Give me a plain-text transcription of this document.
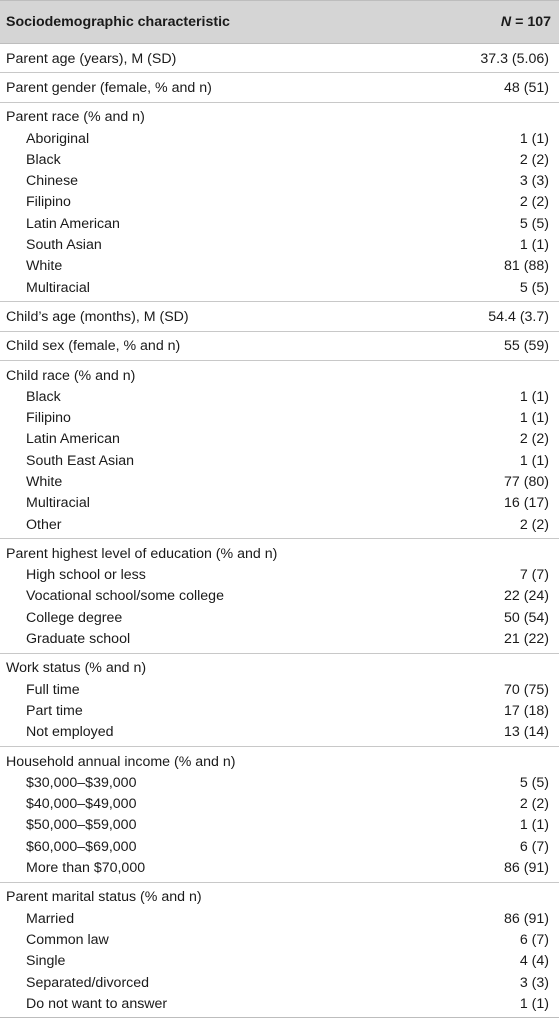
Sociodemographic characteristic	N = 107
Parent age (years), M (SD)	37.3 (5.06)
Parent gender (female, % and n)	48 (51)
Parent race (% and n)
Aboriginal	1 (1)
Black	2 (2)
Chinese	3 (3)
Filipino	2 (2)
Latin American	5 (5)
South Asian	1 (1)
White	81 (88)
Multiracial	5 (5)
Child’s age (months), M (SD)	54.4 (3.7)
Child sex (female, % and n)	55 (59)
Child race (% and n)
Black	1 (1)
Filipino	1 (1)
Latin American	2 (2)
South East Asian	1 (1)
White	77 (80)
Multiracial	16 (17)
Other	2 (2)
Parent highest level of education (% and n)
High school or less	7 (7)
Vocational school/some college	22 (24)
College degree	50 (54)
Graduate school	21 (22)
Work status (% and n)
Full time	70 (75)
Part time	17 (18)
Not employed	13 (14)
Household annual income (% and n)
$30,000–$39,000	5 (5)
$40,000–$49,000	2 (2)
$50,000–$59,000	1 (1)
$60,000–$69,000	6 (7)
More than $70,000	86 (91)
Parent marital status (% and n)
Married	86 (91)
Common law	6 (7)
Single	4 (4)
Separated/divorced	3 (3)
Do not want to answer	1 (1)
